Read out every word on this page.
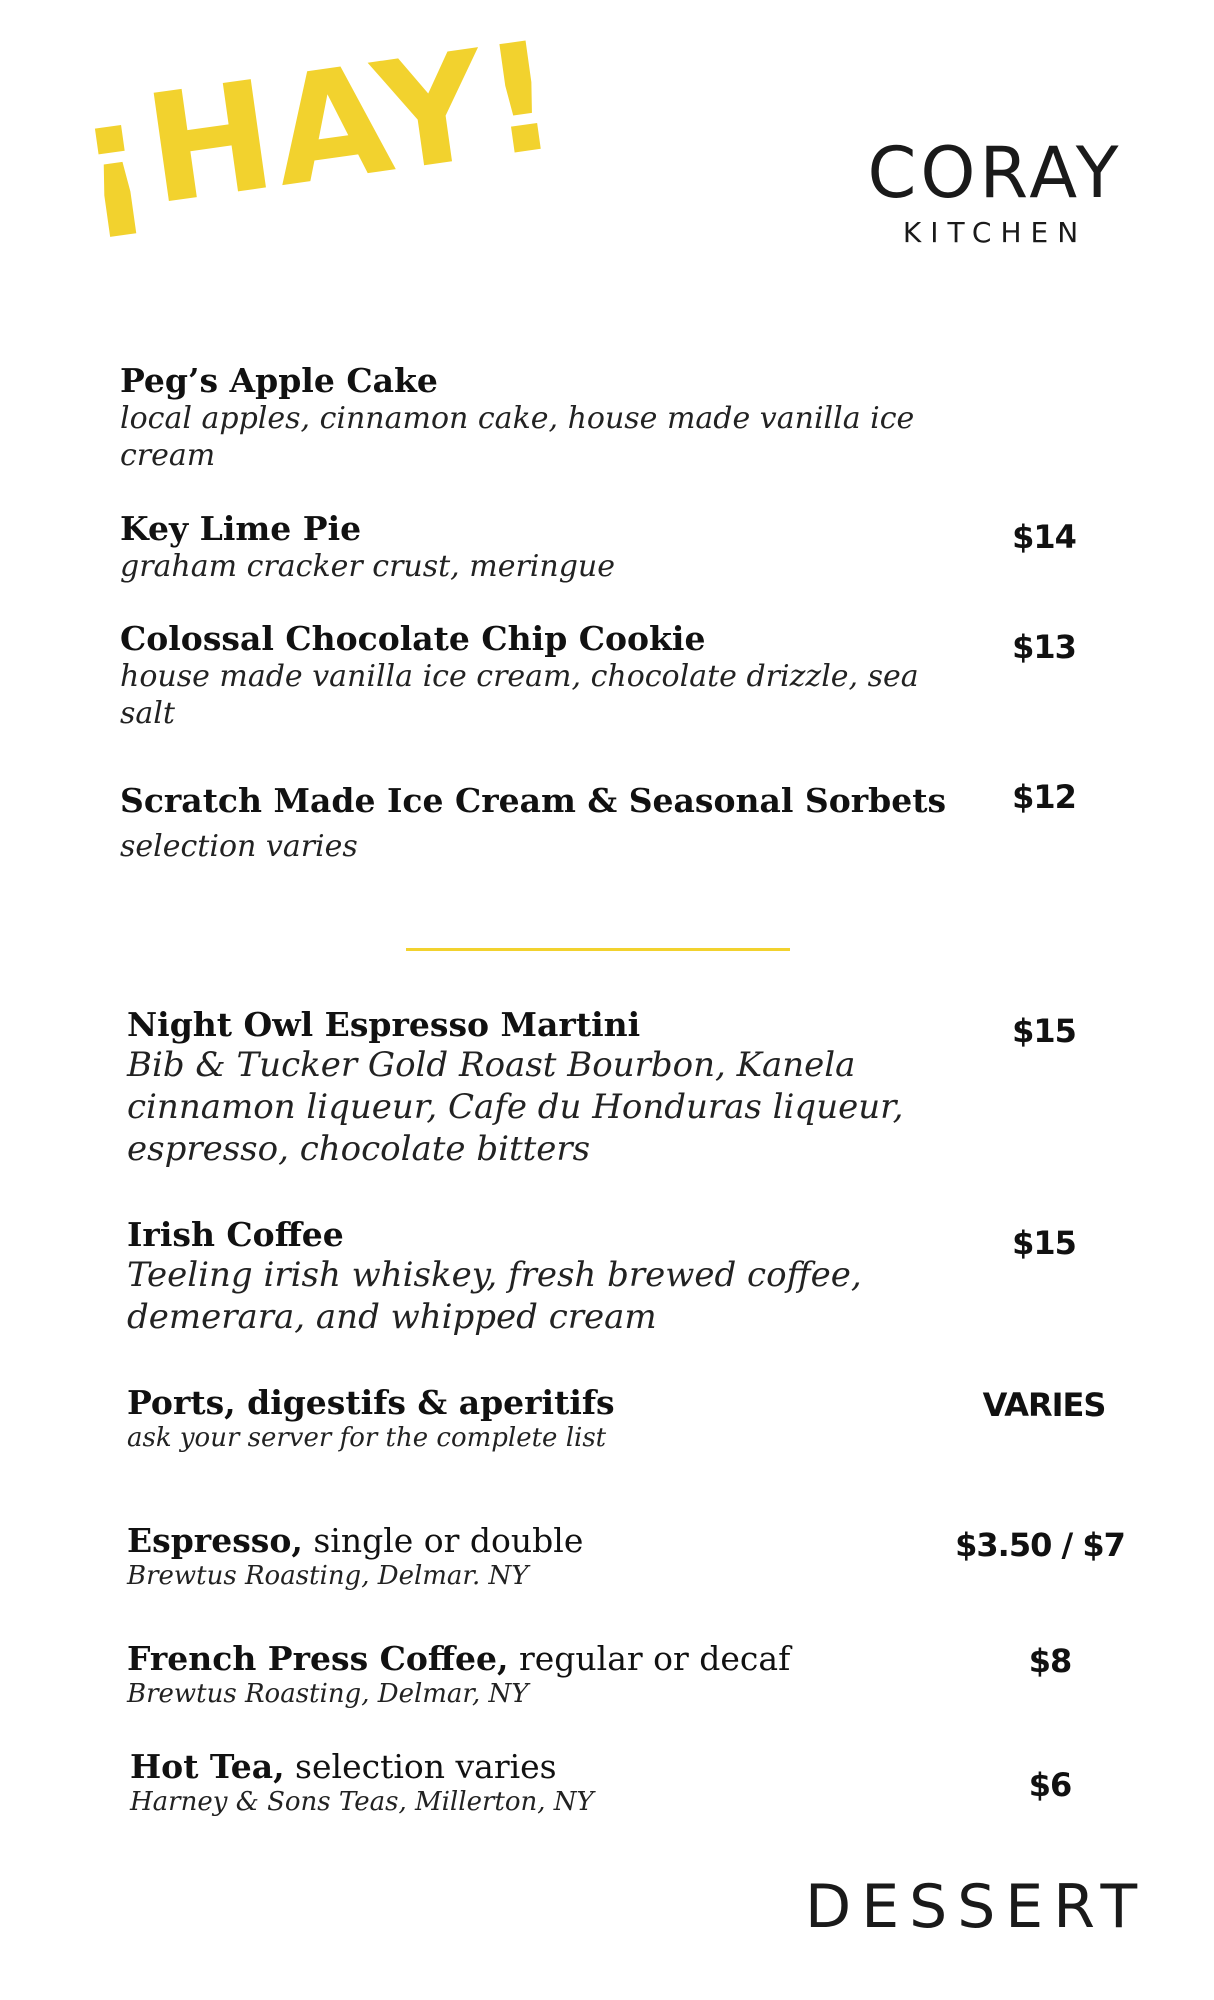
¡HAY!	CORAY
KITCHEN
Peg’s Apple Cake
local apples, cinnamon cake, house made vanilla ice cream
Key Lime Pie
graham cracker crust, meringue
$14
Colossal Chocolate Chip Cookie
house made vanilla ice cream, chocolate drizzle, sea salt
$13
Scratch Made Ice Cream & Seasonal Sorbets
selection varies
$12
Night Owl Espresso Martini
Bib & Tucker Gold Roast Bourbon, Kanela cinnamon liqueur, Cafe du Honduras liqueur, espresso, chocolate bitters
$15
Irish Coffee
Teeling irish whiskey, fresh brewed coffee, demerara, and whipped cream
$15
Ports, digestifs & aperitifs
ask your server for the complete list
VARIES
Espresso, single or double
Brewtus Roasting, Delmar. NY
$3.50 / $7
French Press Coffee, regular or decaf
Brewtus Roasting, Delmar, NY
$8
Hot Tea, selection varies
Harney & Sons Teas, Millerton, NY	$6
DESSERT
